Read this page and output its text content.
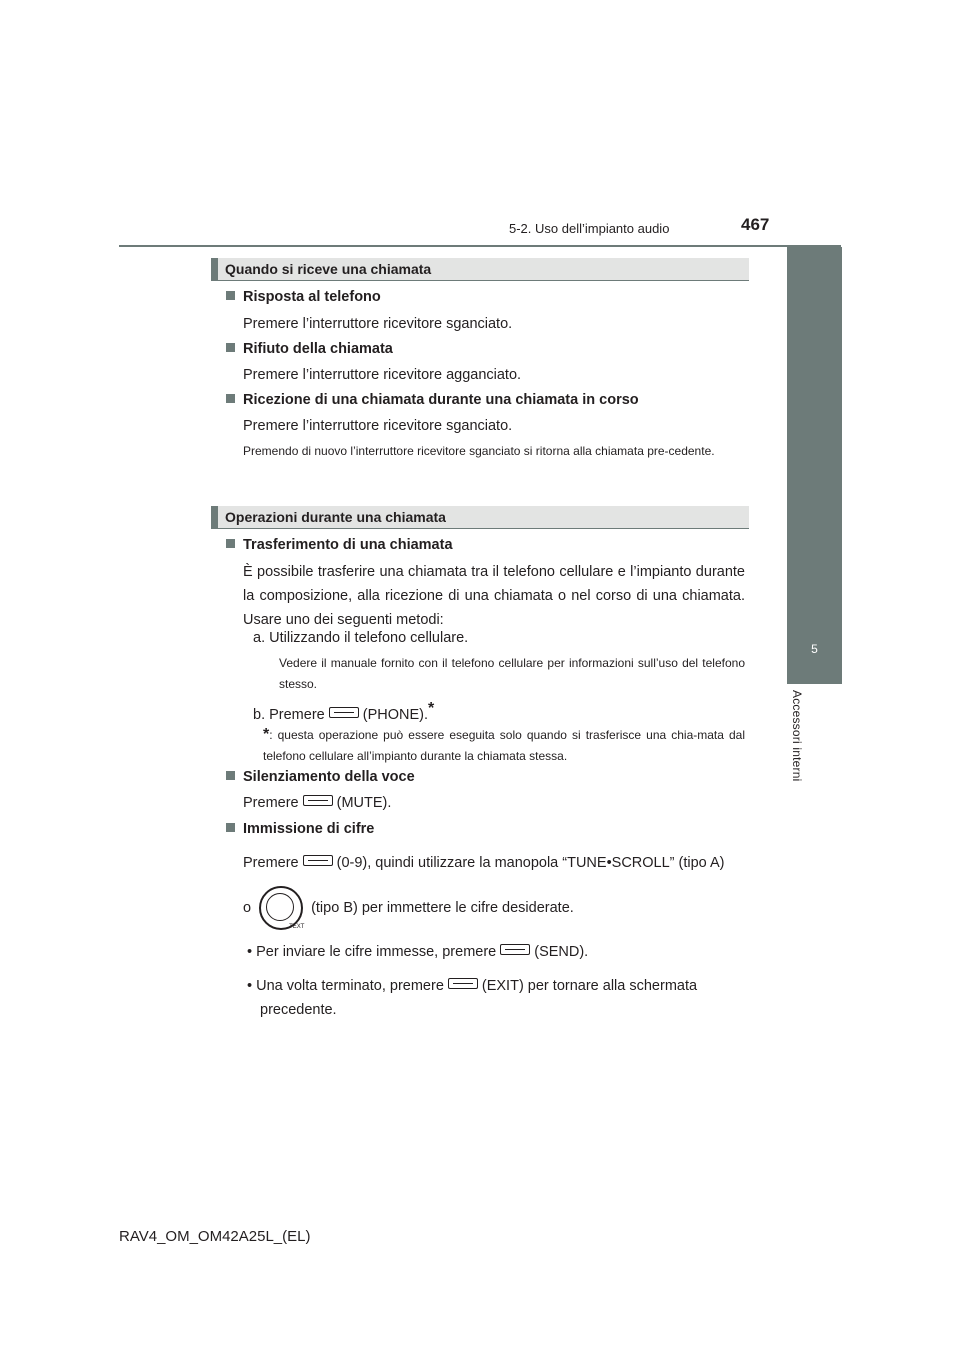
5-2. Uso dell’impianto audio	467
5
Accessori interni
Quando si riceve una chiamata
Risposta al telefono
Premere l’interruttore ricevitore sganciato.
Rifiuto della chiamata
Premere l’interruttore ricevitore agganciato.
Ricezione di una chiamata durante una chiamata in corso
Premere l’interruttore ricevitore sganciato.
Premendo di nuovo l’interruttore ricevitore sganciato si ritorna alla chiamata pre-cedente.
Operazioni durante una chiamata
Trasferimento di una chiamata
È possibile trasferire una chiamata tra il telefono cellulare e l’impianto durante la composizione, alla ricezione di una chiamata o nel corso di una chiamata. Usare uno dei seguenti metodi:
a. Utilizzando il telefono cellulare.
Vedere il manuale fornito con il telefono cellulare per informazioni sull’uso del telefono stesso.
b. Premere	(PHONE).*
*: questa operazione può essere eseguita solo quando si trasferisce una chia-mata dal telefono cellulare all’impianto durante la chiamata stessa.
Silenziamento della voce
Premere	(MUTE).
Immissione di cifre
Premere	(0-9), quindi utilizzare la manopola “TUNE•SCROLL” (tipo A)
o
TEXT
(tipo B) per immettere le cifre desiderate.
• Per inviare le cifre immesse, premere	(SEND).
• Una volta terminato, premere	(EXIT) per tornare alla schermata
precedente.
RAV4_OM_OM42A25L_(EL)
